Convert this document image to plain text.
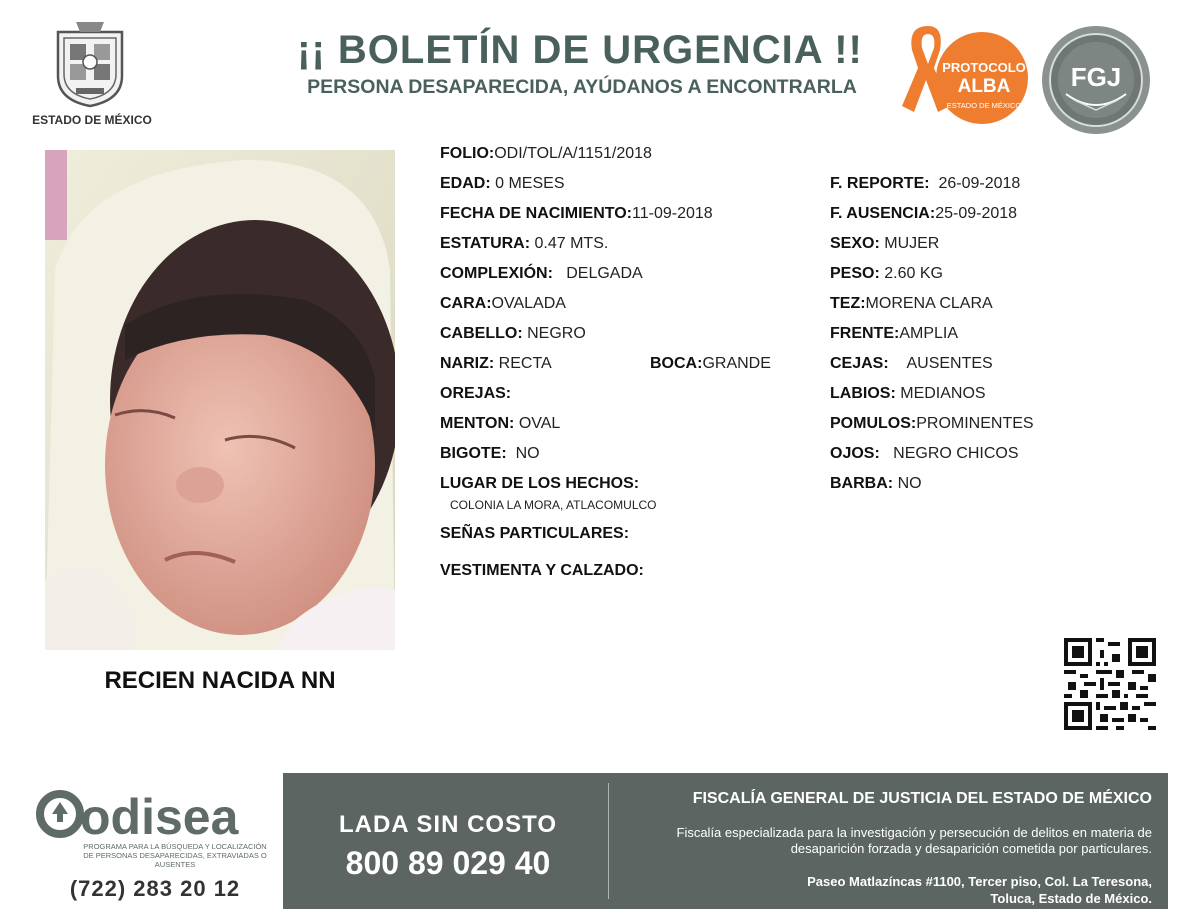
ESTADO DE MÉXICO
¡¡ BOLETÍN DE URGENCIA !!
PERSONA DESAPARECIDA, AYÚDANOS A ENCONTRARLA
PROTOCOLO
ALBA
ESTADO DE MÉXICO
FGJ
RECIEN NACIDA NN
FOLIO:ODI/TOL/A/1151/2018
EDAD: 0 MESES
FECHA DE NACIMIENTO:11-09-2018
ESTATURA: 0.47 MTS.
COMPLEXIÓN: DELGADA
CARA:OVALADA
CABELLO: NEGRO
NARIZ: RECTA	BOCA:GRANDE
OREJAS:
MENTON: OVAL
BIGOTE: NO
LUGAR DE LOS HECHOS:
COLONIA LA MORA, ATLACOMULCO
SEÑAS PARTICULARES:
VESTIMENTA Y CALZADO:
F. REPORTE: 26-09-2018
F. AUSENCIA:25-09-2018
SEXO: MUJER
PESO: 2.60 KG
TEZ:MORENA CLARA
FRENTE:AMPLIA
CEJAS: AUSENTES
LABIOS: MEDIANOS
POMULOS:PROMINENTES
OJOS: NEGRO CHICOS
BARBA: NO
odisea
PROGRAMA PARA LA BÚSQUEDA Y LOCALIZACIÓN DE PERSONAS DESAPARECIDAS, EXTRAVIADAS O AUSENTES
(722) 283 20 12
LADA SIN COSTO
800 89 029 40
FISCALÍA GENERAL DE JUSTICIA DEL ESTADO DE MÉXICO
Fiscalía especializada para la investigación y persecución de delitos en materia de desaparición forzada y desaparición cometida por particulares.
Paseo Matlazíncas #1100, Tercer piso, Col. La Teresona,
Toluca, Estado de México.
